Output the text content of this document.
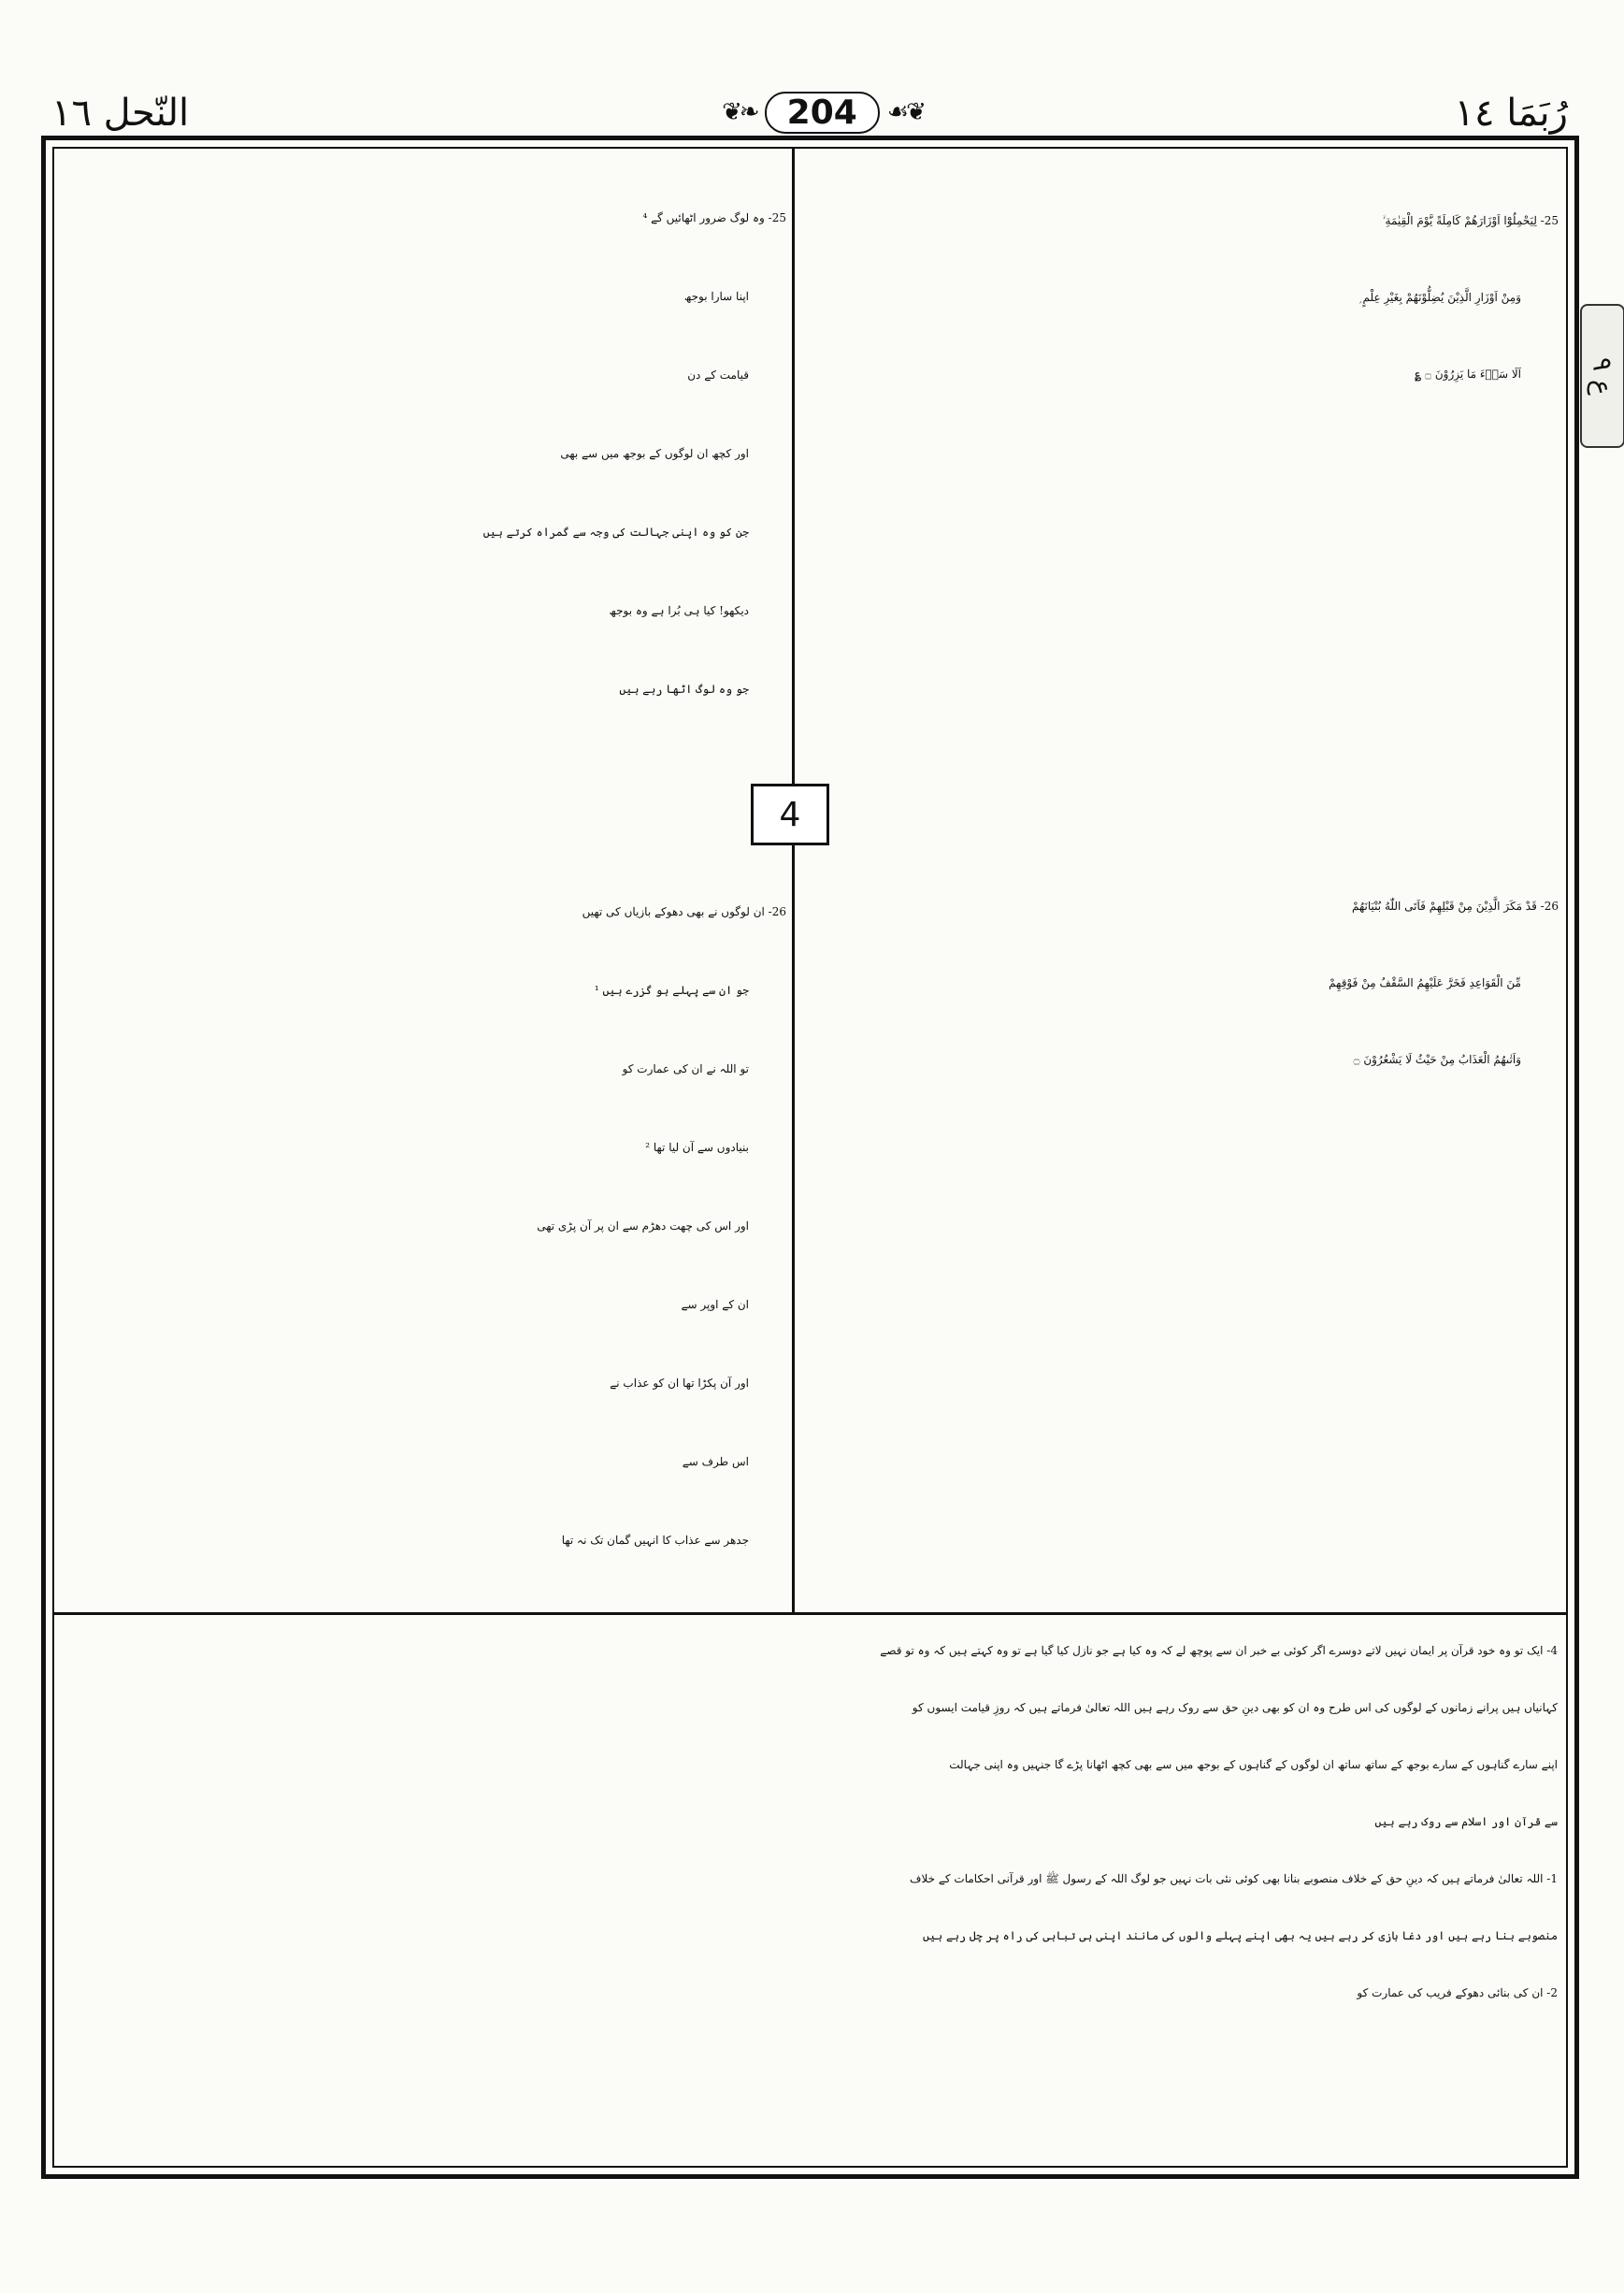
النّحل ١٦	❦❧ 204	☙❦	رُبَمَا ١٤
ع ٩
25- لِيَحْمِلُوْٓا اَوْزَارَهُمْ كَامِلَةً يَّوْمَ الْقِيٰمَةِ ۙ
وَمِنْ اَوْزَارِ الَّذِيْنَ يُضِلُّوْنَهُمْ بِغَيْرِ عِلْمٍ ۭ
اَلَا سَاۗءَ مَا يَزِرُوْنَ ۝ ؏
25- وہ لوگ ضرور اٹھائیں گے ⁴
اپنا سارا بوجھ
قیامت کے دن
اور کچھ ان لوگوں کے بوجھ میں سے بھی
جن کو وہ اپنی جہالت کی وجہ سے گمراہ کرتے ہیں
دیکھو! کیا ہی بُرا ہے وہ بوجھ
جو وہ لوگ اٹھا رہے ہیں
4
26- قَدْ مَكَرَ الَّذِيْنَ مِنْ قَبْلِهِمْ فَاَتَى اللّٰهُ بُنْيَانَهُمْ
مِّنَ الْقَوَاعِدِ فَخَرَّ عَلَيْهِمُ السَّقْفُ مِنْ فَوْقِهِمْ
وَاَتٰىهُمُ الْعَذَابُ مِنْ حَيْثُ لَا يَشْعُرُوْنَ ۝
26- ان لوگوں نے بھی دھوکے بازیاں کی تھیں
جو ان سے پہلے ہو گزرے ہیں ¹
تو اللہ نے ان کی عمارت کو
بنیادوں سے آن لیا تھا ²
اور اس کی چھت دھڑم سے ان پر آن پڑی تھی
ان کے اوپر سے
اور آن پکڑا تھا ان کو عذاب نے
اس طرف سے
جدھر سے عذاب کا انہیں گمان تک نہ تھا
4- ایک تو وہ خود قرآن پر ایمان نہیں لاتے دوسرے اگر کوئی بے خبر ان سے پوچھ لے کہ وہ کیا ہے جو نازل کیا گیا ہے تو وہ کہتے ہیں کہ وہ تو قصے
کہانیاں ہیں پرانے زمانوں کے لوگوں کی اس طرح وہ ان کو بھی دینِ حق سے روک رہے ہیں اللہ تعالیٰ فرماتے ہیں کہ روزِ قیامت ایسوں کو
اپنے سارے گناہوں کے سارے بوجھ کے ساتھ ساتھ ان لوگوں کے گناہوں کے بوجھ میں سے بھی کچھ اٹھانا پڑے گا جنہیں وہ اپنی جہالت
سے قرآن اور اسلام سے روک رہے ہیں
1- اللہ تعالیٰ فرماتے ہیں کہ دینِ حق کے خلاف منصوبے بنانا بھی کوئی نئی بات نہیں جو لوگ اللہ کے رسول ﷺ اور قرآنی احکامات کے خلاف
منصوبے بنا رہے ہیں اور دغا بازی کر رہے ہیں یہ بھی اپنے پہلے والوں کی مانند اپنی ہی تباہی کی راہ پر چل رہے ہیں
2- ان کی بنائی دھوکے فریب کی عمارت کو
